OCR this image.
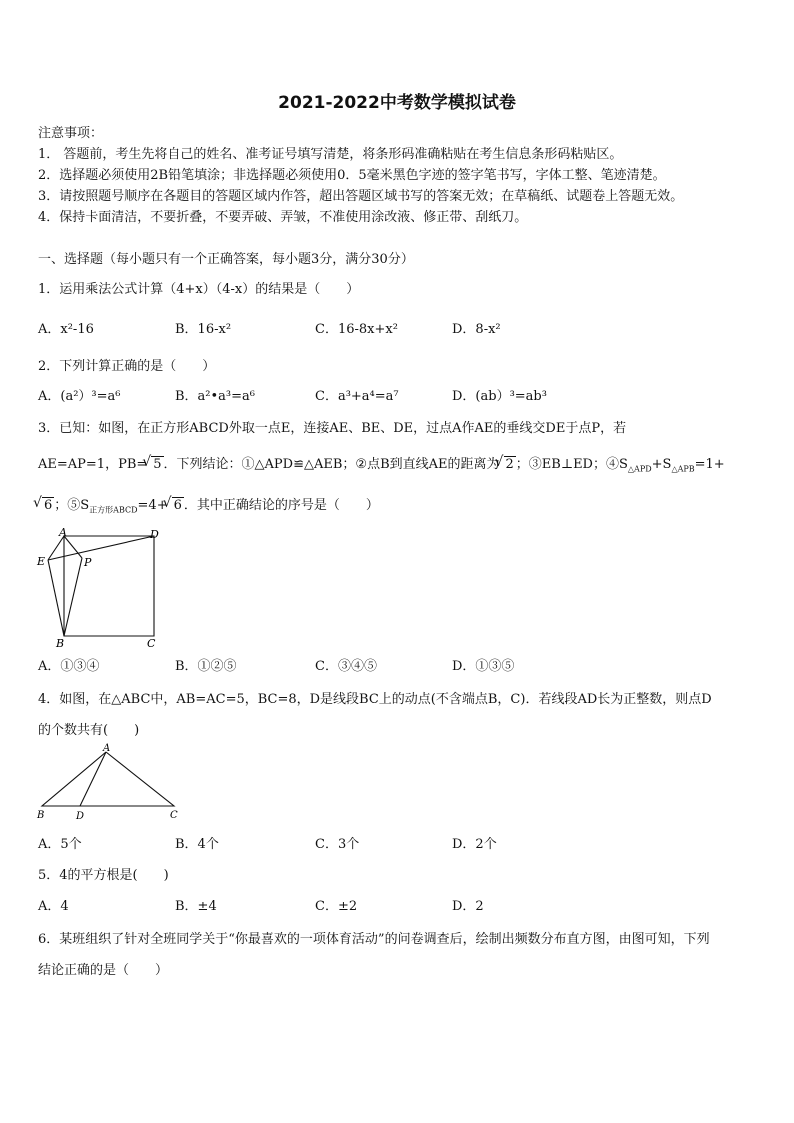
2021-2022中考数学模拟试卷
注意事项：
1． 答题前，考生先将自己的姓名、准考证号填写清楚，将条形码准确粘贴在考生信息条形码粘贴区。
2．选择题必须使用2B铅笔填涂；非选择题必须使用0．5毫米黑色字迹的签字笔书写，字体工整、笔迹清楚。
3．请按照题号顺序在各题目的答题区域内作答，超出答题区域书写的答案无效；在草稿纸、试题卷上答题无效。
4．保持卡面清洁，不要折叠，不要弄破、弄皱，不准使用涂改液、修正带、刮纸刀。
一、选择题（每小题只有一个正确答案，每小题3分，满分30分）
1．运用乘法公式计算（4+x）（4-x）的结果是（　　）
A．x²-16	B．16-x²	C．16-8x+x²	D．8-x²
2．下列计算正确的是（　　）
A．(a²）³=a⁶	B．a²•a³=a⁶	C．a³+a⁴=a⁷	D．(ab）³=ab³
3．已知：如图，在正方形ABCD外取一点E，连接AE、BE、DE，过点A作AE的垂线交DE于点P，若
AE=AP=1，PB=√ 5 ．下列结论：①△APD≌△AEB；②点B到直线AE的距离为√ 2 ；③EB⊥ED；$④S_{\triangle APD}+S_{\triangle APB}=1+$
√ 6 ；$⑤S_{正方形ABCD}=4+√$ 6 ．其中正确结论的序号是（　　）
A
B	C
D
E	P
A．①③④	B．①②⑤	C．③④⑤	D．①③⑤
4．如图，在△ABC中，AB=AC=5，BC=8，D是线段BC上的动点(不含端点B，C)．若线段AD长为正整数，则点D
的个数共有(　　)
A
B	D	C
A．5个	B．4个	C．3个	D．2个
5．4的平方根是(　　)
A．4	B．±4	C．±2	D．2
6．某班组织了针对全班同学关于“你最喜欢的一项体育活动”的问卷调查后，绘制出频数分布直方图，由图可知，下列
结论正确的是（　　）
